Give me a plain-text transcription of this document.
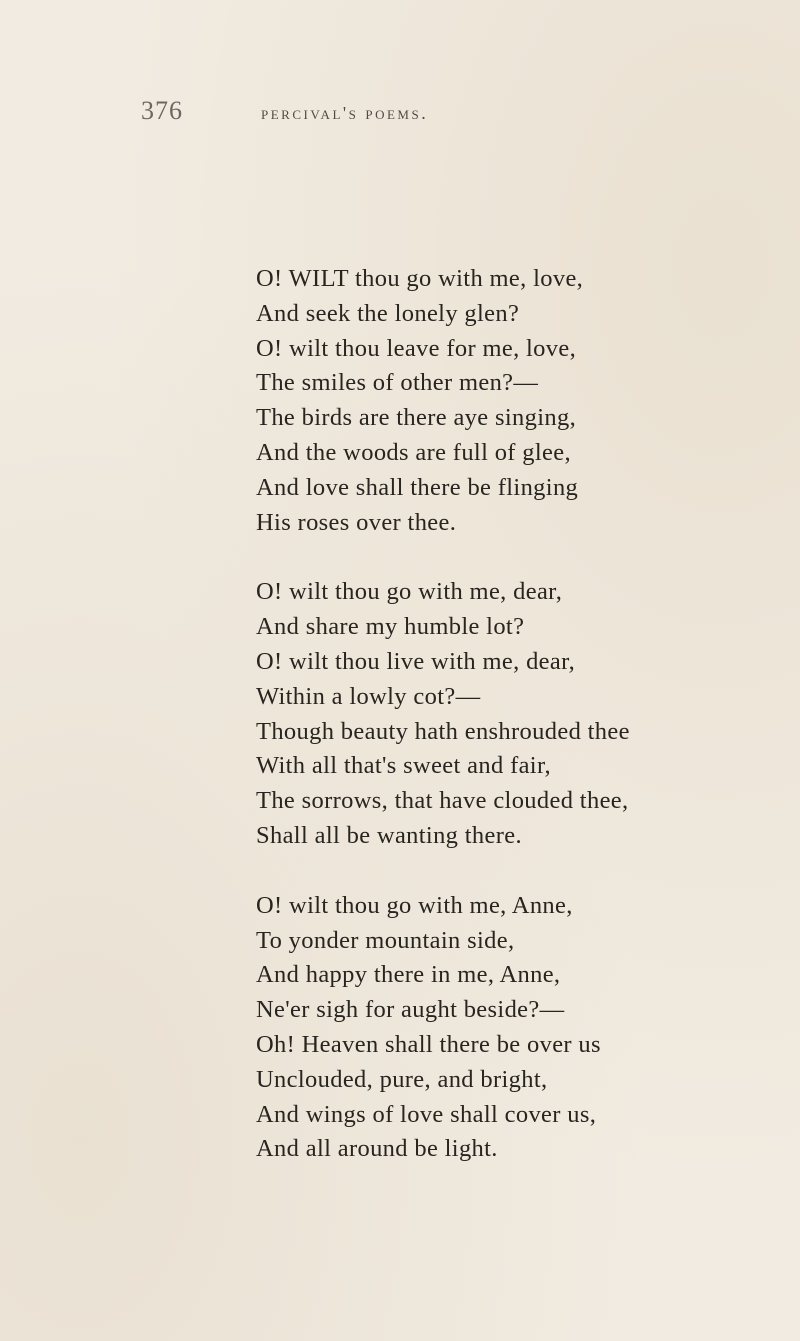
376	percival's poems.
O! WILT thou go with me, love,
And seek the lonely glen?
O! wilt thou leave for me, love,
The smiles of other men?—
The birds are there aye singing,
And the woods are full of glee,
And love shall there be flinging
His roses over thee.
O! wilt thou go with me, dear,
And share my humble lot?
O! wilt thou live with me, dear,
Within a lowly cot?—
Though beauty hath enshrouded thee
With all that's sweet and fair,
The sorrows, that have clouded thee,
Shall all be wanting there.
O! wilt thou go with me, Anne,
To yonder mountain side,
And happy there in me, Anne,
Ne'er sigh for aught beside?—
Oh! Heaven shall there be over us
Unclouded, pure, and bright,
And wings of love shall cover us,
And all around be light.
